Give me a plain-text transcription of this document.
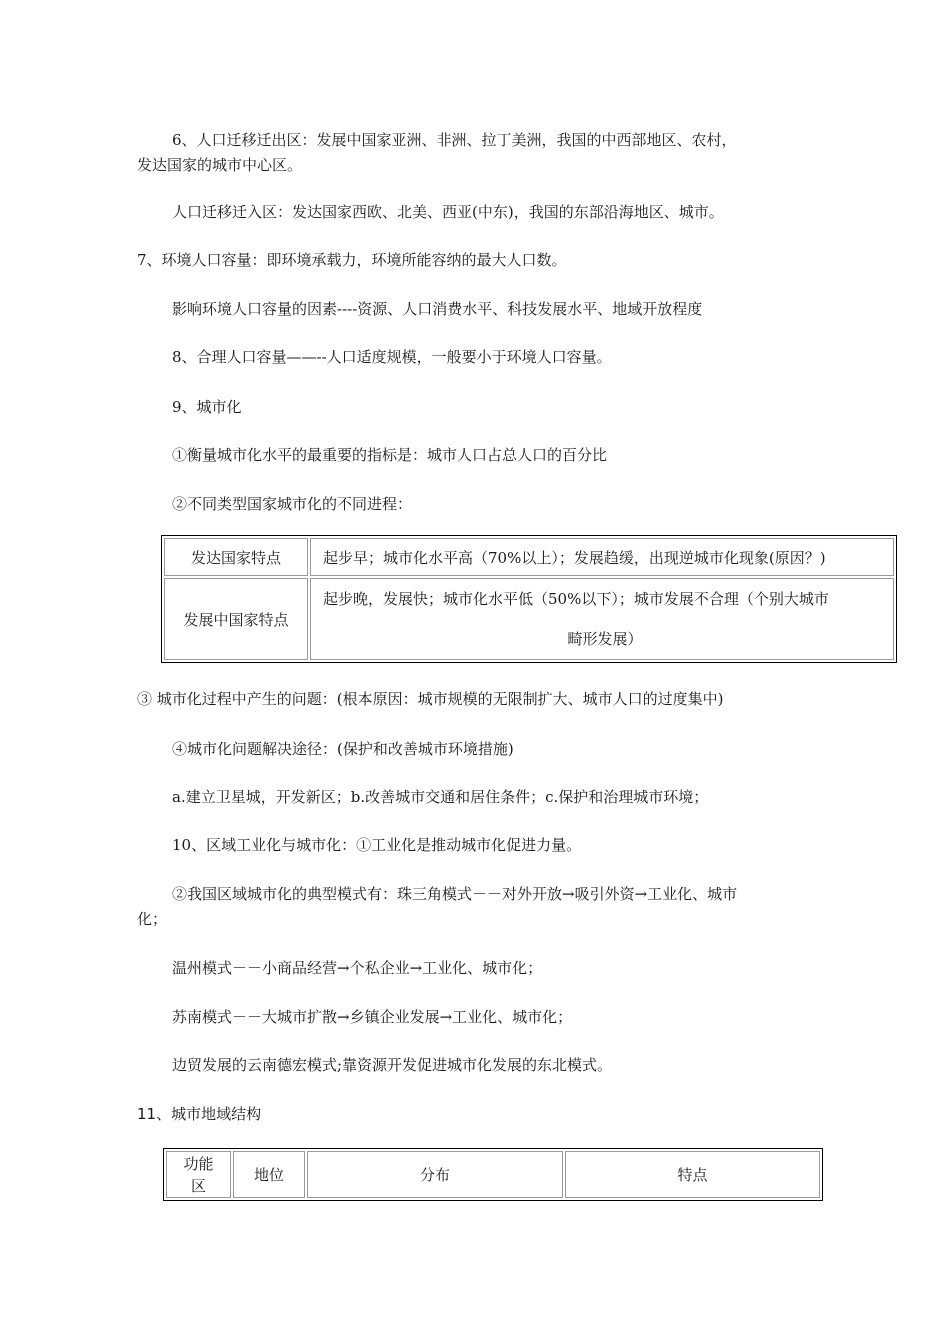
6、人口迁移迁出区：发展中国家亚洲、非洲、拉丁美洲，我国的中西部地区、农村，

发达国家的城市中心区。

人口迁移迁入区：发达国家西欧、北美、西亚(中东)，我国的东部沿海地区、城市。

7、环境人口容量：即环境承载力，环境所能容纳的最大人口数。

影响环境人口容量的因素----资源、人口消费水平、科技发展水平、地域开放程度

8、合理人口容量——--人口适度规模，一般要小于环境人口容量。

9、城市化

①衡量城市化水平的最重要的指标是：城市人口占总人口的百分比

②不同类型国家城市化的不同进程：

发达国家特点	起步早；城市化水平高（70%以上）；发展趋缓，出现逆城市化现象(原因？)
发展中国家特点	起步晚，发展快；城市化水平低（50%以下）；城市发展不合理（个别大城市
畸形发展）

③ 城市化过程中产生的问题：(根本原因：城市规模的无限制扩大、城市人口的过度集中)

④城市化问题解决途径：(保护和改善城市环境措施)

a.建立卫星城，开发新区；b.改善城市交通和居住条件；c.保护和治理城市环境；

10、区域工业化与城市化：①工业化是推动城市化促进力量。

②我国区域城市化的典型模式有：珠三角模式－－对外开放→吸引外资→工业化、城市

化；

温州模式－－小商品经营→个私企业→工业化、城市化；

苏南模式－－大城市扩散→乡镇企业发展→工业化、城市化；

边贸发展的云南德宏模式;靠资源开发促进城市化发展的东北模式。

11、城市地域结构

功能区	地位	分布	特点
